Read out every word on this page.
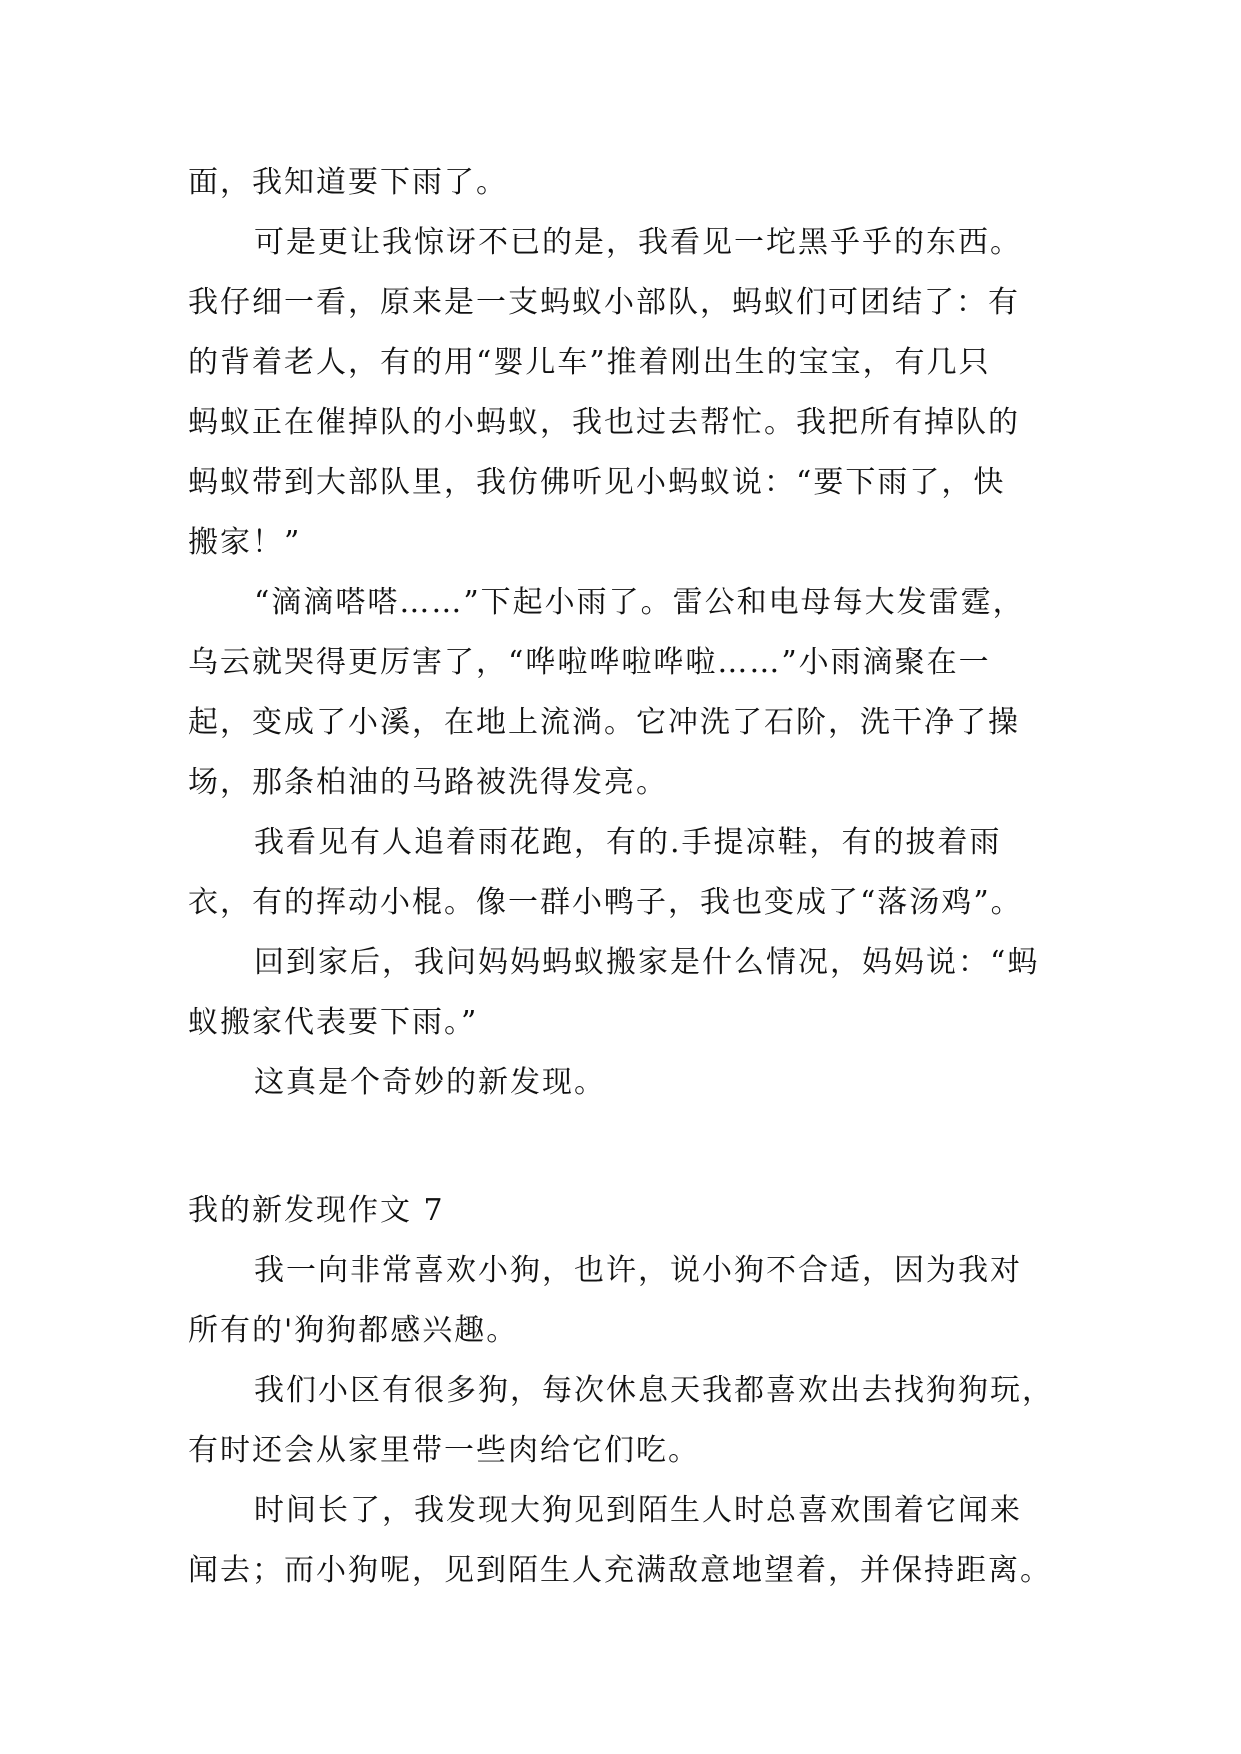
面，我知道要下雨了。
可是更让我惊讶不已的是，我看见一坨黑乎乎的东西。
我仔细一看，原来是一支蚂蚁小部队，蚂蚁们可团结了：有
的背着老人，有的用“婴儿车”推着刚出生的宝宝，有几只
蚂蚁正在催掉队的小蚂蚁，我也过去帮忙。我把所有掉队的
蚂蚁带到大部队里，我仿佛听见小蚂蚁说：“要下雨了，快
搬家！”
“滴滴嗒嗒……”下起小雨了。雷公和电母每大发雷霆，
乌云就哭得更厉害了，“哗啦哗啦哗啦……”小雨滴聚在一
起，变成了小溪，在地上流淌。它冲洗了石阶，洗干净了操
场，那条柏油的马路被洗得发亮。
我看见有人追着雨花跑，有的.手提凉鞋，有的披着雨
衣，有的挥动小棍。像一群小鸭子，我也变成了“落汤鸡”。
回到家后，我问妈妈蚂蚁搬家是什么情况，妈妈说：“蚂
蚁搬家代表要下雨。”
这真是个奇妙的新发现。
我的新发现作文 7
我一向非常喜欢小狗，也许，说小狗不合适，因为我对
所有的'狗狗都感兴趣。
我们小区有很多狗，每次休息天我都喜欢出去找狗狗玩，
有时还会从家里带一些肉给它们吃。
时间长了，我发现大狗见到陌生人时总喜欢围着它闻来
闻去；而小狗呢，见到陌生人充满敌意地望着，并保持距离。
